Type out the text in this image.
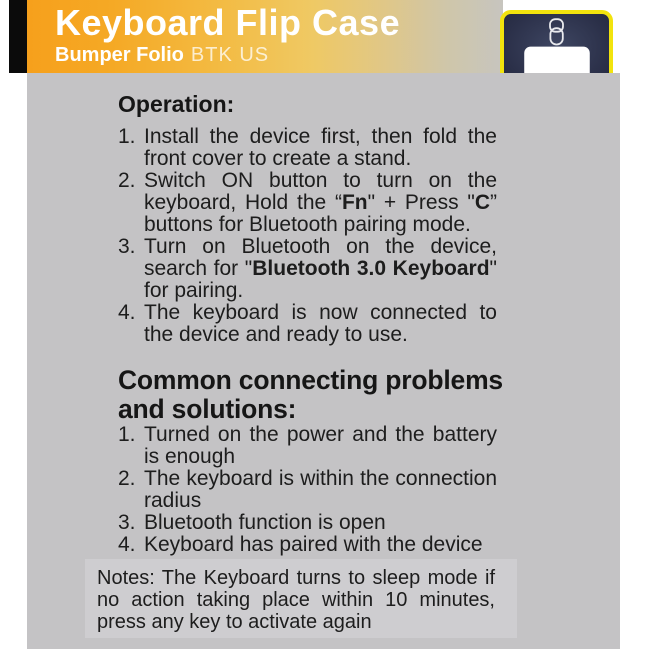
Keyboard Flip Case
Bumper Folio BTK US
Operation:
1. Install the device first, then fold the front cover to create a stand.
2. Switch ON button to turn on the keyboard, Hold the “Fn" + Press "C” buttons for Bluetooth pairing mode.
3. Turn on Bluetooth on the device, search for "Bluetooth 3.0 Keyboard" for pairing.
4. The keyboard is now connected to the device and ready to use.
Common connecting problems and solutions:
1. Turned on the power and the battery is enough
2. The keyboard is within the connection radius
3. Bluetooth function is open
4. Keyboard has paired with the device
Notes: The Keyboard turns to sleep mode if no action taking place within 10 minutes, press any key to activate again
